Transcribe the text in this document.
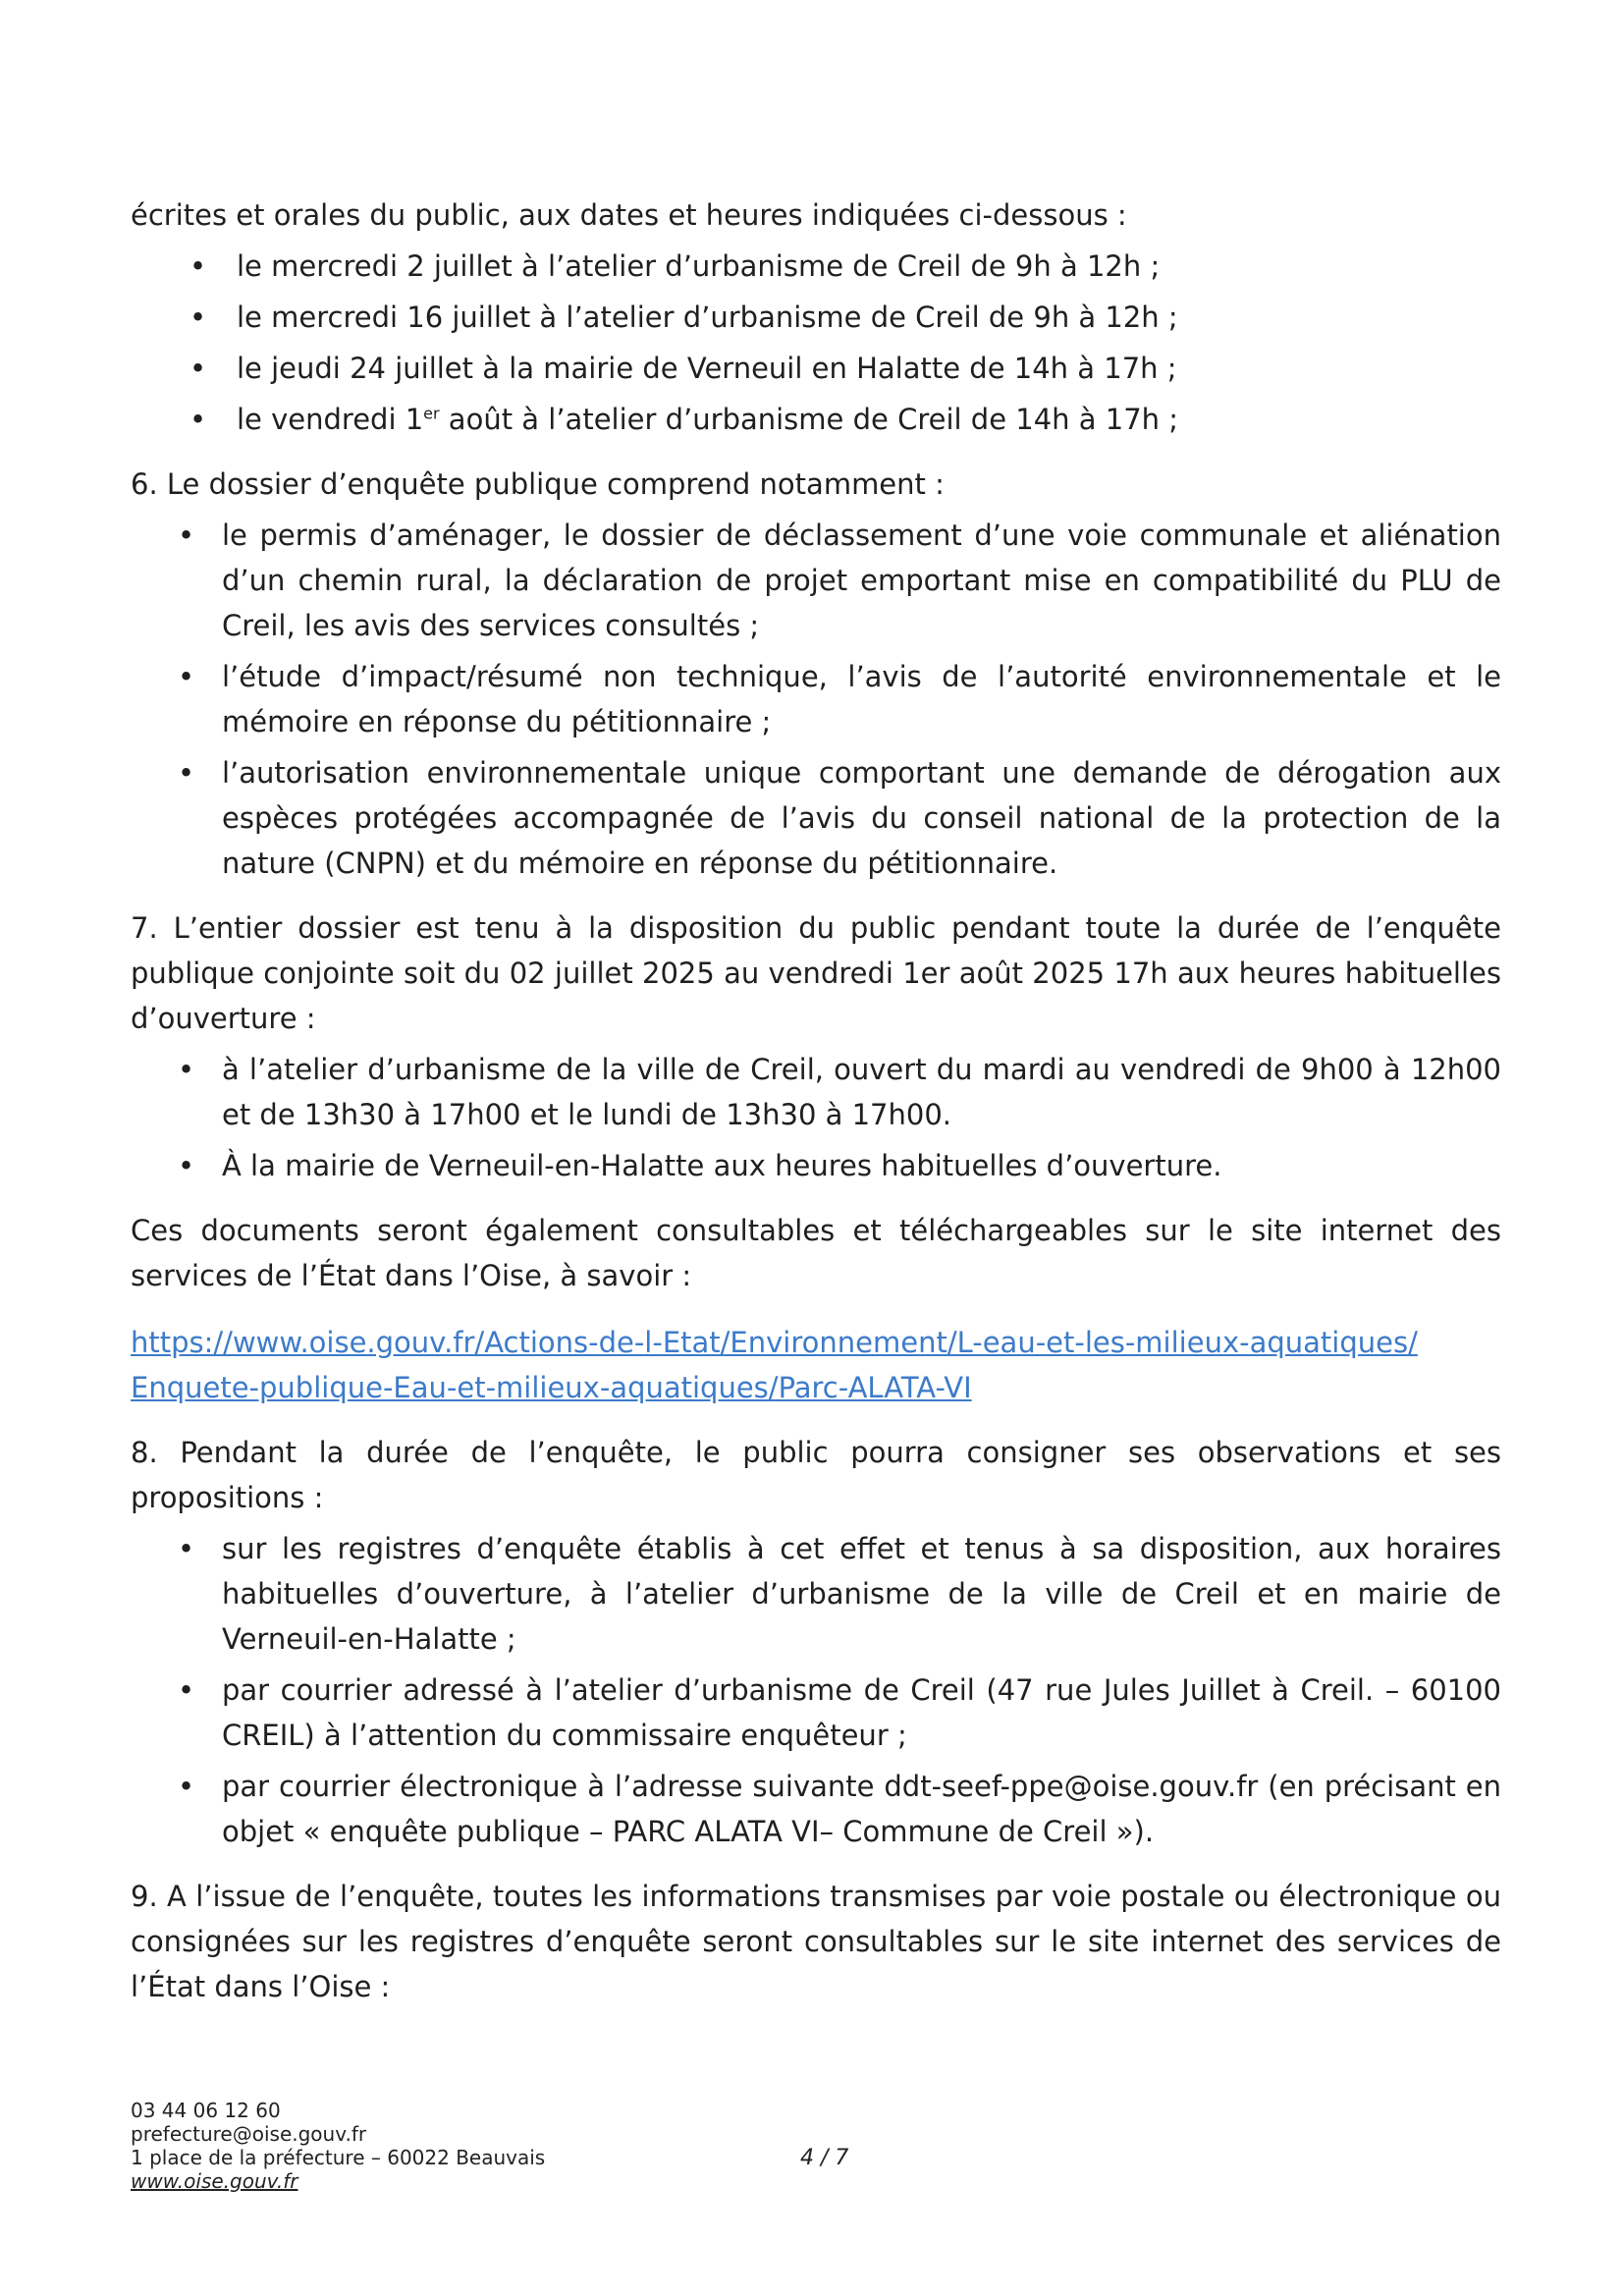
écrites et orales du public, aux dates et heures indiquées ci-dessous :

•	le mercredi 2 juillet à l’atelier d’urbanisme de Creil de 9h à 12h ;
•	le mercredi 16 juillet à l’atelier d’urbanisme de Creil de 9h à 12h ;
•	le jeudi 24 juillet à la mairie de Verneuil en Halatte de 14h à 17h ;
•	le vendredi 1er août à l’atelier d’urbanisme de Creil de 14h à 17h ;

6. Le dossier d’enquête publique comprend notamment :

• le permis d’aménager, le dossier de déclassement d’une voie communale et aliénation d’un chemin rural, la déclaration de projet emportant mise en compatibilité du PLU de Creil, les avis des services consultés ;
• l’étude d’impact/résumé non technique, l’avis de l’autorité environnementale et le mémoire en réponse du pétitionnaire ;
• l’autorisation environnementale unique comportant une demande de dérogation aux espèces protégées accompagnée de l’avis du conseil national de la protection de la nature (CNPN) et du mémoire en réponse du pétitionnaire.

7. L’entier dossier est tenu à la disposition du public pendant toute la durée de l’enquête publique conjointe soit du 02 juillet 2025 au vendredi 1er août 2025 17h aux heures habituelles d’ouverture :

• à l’atelier d’urbanisme de la ville de Creil, ouvert du mardi au vendredi de 9h00 à 12h00 et de 13h30 à 17h00 et le lundi de 13h30 à 17h00.
• À la mairie de Verneuil-en-Halatte aux heures habituelles d’ouverture.

Ces documents seront également consultables et téléchargeables sur le site internet des services de l’État dans l’Oise, à savoir :

https://www.oise.gouv.fr/Actions-de-l-Etat/Environnement/L-eau-et-les-milieux-aquatiques/
Enquete-publique-Eau-et-milieux-aquatiques/Parc-ALATA-VI

8. Pendant la durée de l’enquête, le public pourra consigner ses observations et ses propositions :

• sur les registres d’enquête établis à cet effet et tenus à sa disposition, aux horaires habituelles d’ouverture, à l’atelier d’urbanisme de la ville de Creil et en mairie de Verneuil-en-Halatte ;
• par courrier adressé à l’atelier d’urbanisme de Creil (47 rue Jules Juillet à Creil. – 60100 CREIL) à l’attention du commissaire enquêteur ;
• par courrier électronique à l’adresse suivante ddt-seef-ppe@oise.gouv.fr (en précisant en objet « enquête publique – PARC ALATA VI– Commune de Creil »).

9. A l’issue de l’enquête, toutes les informations transmises par voie postale ou électronique ou consignées sur les registres d’enquête seront consultables sur le site internet des services de l’État dans l’Oise :

03 44 06 12 60
prefecture@oise.gouv.fr
1 place de la préfecture – 60022 Beauvais
www.oise.gouv.fr
4 / 7
